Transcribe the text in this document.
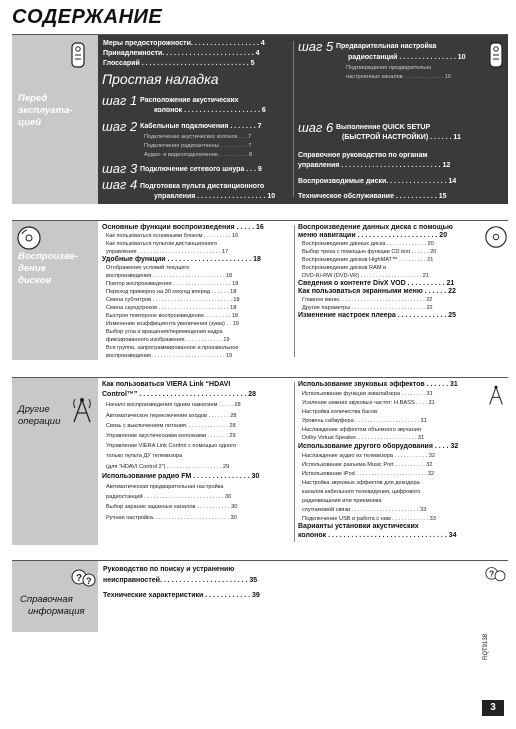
СОДЕРЖАНИЕ
Перед
эксплуата-
цией
Меры предосторожности. . . . . . . . . . . . . . . . . . 4
Принадлежности. . . . . . . . . . . . . . . . . . . . . . . . 4
Глоссарий . . . . . . . . . . . . . . . . . . . . . . . . . . . . 5
Простая наладка
шаг 1 Расположение акустических
колонок . . . . . . . . . . . . . . . . . . . . 6
шаг 2 Кабельные подключения . . . . . . . 7
Подключение акустических колонок . . . 7
Подключение радиоантенны . . . . . . . . . 7
Аудио- и видеоподключение. . . . . . . . . . 8
шаг 3 Подключение сетевого шнура . . . 9
шаг 4 Подготовка пульта дистанционного
управления . . . . . . . . . . . . . . . . . . 10
шаг 5 Предварительная настройка
радиостанций . . . . . . . . . . . . . . . 10
Подтверждение предварительно
настроенных каналов . . . . . . . . . . . . . 10
шаг 6 Выполнение QUICK SETUP
(БЫСТРОЙ НАСТРОЙКИ) . . . . . . 11
Справочное руководство по органам
управления . . . . . . . . . . . . . . . . . . . . . . . . . . 12
Воспроизводимые диски. . . . . . . . . . . . . . . . 14
Техническое обслуживание . . . . . . . . . . . 15
Воспроизве-
дение
дисков
Основные функции воспроизведения . . . . . 16
Как пользоваться основными блоком . . . . . . . . . 16
Как пользоваться пультом дистанционного
управления . . . . . . . . . . . . . . . . . . . . . . . . . . . 17
Удобные функции . . . . . . . . . . . . . . . . . . . . . . 18
Отображение условий текущего
воспроизведения. . . . . . . . . . . . . . . . . . . . . . . . 18
Повтор воспроизведения . . . . . . . . . . . . . . . . . . . 18
Переход примерно на 30 секунд вперед . . . . . . 18
Смена субтитров . . . . . . . . . . . . . . . . . . . . . . . . . . 18
Смена саундтреков . . . . . . . . . . . . . . . . . . . . . . . 18
Быстрое повторное воспроизведение. . . . . . . . . 18
Изменение коэффициента увеличения (зума) . . 19
Выбор угла и вращения/перемещения кадра
фиксированного изображения . . . . . . . . . . . . 19
Вся группа, запрограммированное и произвольное
воспроизведение. . . . . . . . . . . . . . . . . . . . . . . . 19
Воспроизведение данных диска с помощью
меню навигации . . . . . . . . . . . . . . . . . . . . . 20
Воспроизведение данных диска . . . . . . . . . . . . . 20
Выбор трека с помощью функции CD text . . . . . . 20
Воспроизведение дисков HighMAT™ . . . . . . . . . 21
Воспроизведение дисков RAM и
DVD-R/-RW (DVD-VR) . . . . . . . . . . . . . . . . . . . . 21
Сведения о контенте DivX VOD . . . . . . . . . . 21
Как пользоваться экранными меню . . . . . . 22
Главное меню. . . . . . . . . . . . . . . . . . . . . . . . . . . . 22
Другие параметры . . . . . . . . . . . . . . . . . . . . . . . . 22
Изменение настроек плеера . . . . . . . . . . . . . 25
Другие
операции
Как пользоваться VIERA Link “HDAVI
Control™” . . . . . . . . . . . . . . . . . . . . . . . . . . . . 28
Начало воспроизведения одним нажатием . . . . . 28
Автоматическое переключение входов . . . . . . . 28
Связь с выключением питания. . . . . . . . . . . . . . 28
Управление акустическими колонками . . . . . . . 29
Управление VIERA Link Control с помощью одного
только пульта ДУ телевизора
(для “HDAVI Control 2”) . . . . . . . . . . . . . . . . . . 29
Использование радио FM . . . . . . . . . . . . . . . 30
Автоматическая предварительная настройка
радиостанций . . . . . . . . . . . . . . . . . . . . . . . . . . 30
Выбор зарание заданных каналов . . . . . . . . . . . 30
Ручная настройка. . . . . . . . . . . . . . . . . . . . . . . . . 30
Использование звуковых эффектов . . . . . . 31
Использование функции эквалайзера . . . . . . . . 31
Усиление нижних звуковых частот: H.BASS . . . . 31
Настройка количества басов:
Уровень сабвуфера . . . . . . . . . . . . . . . . . . . . . 31
Наслаждение эффектом объемного звучания
Dolby Virtual Speaker. . . . . . . . . . . . . . . . . . . . 31
Использование другого оборудования . . . . 32
Наслаждение аудио из телевизора . . . . . . . . . . . 32
Использование разъема Music Port . . . . . . . . . . 32
Использование iPod . . . . . . . . . . . . . . . . . . . . . . . 32
Настройка звуковых эффектов для декодера
каналов кабельного телевидения, цифрового
радиовещания или приемника
спутниковой связи . . . . . . . . . . . . . . . . . . . . . . 33
Подключение USB и работа с ним . . . . . . . . . . . . 33
Варианты установки акустических
колонок . . . . . . . . . . . . . . . . . . . . . . . . . . . . . . . 34
? ?
Справочная
информация
Руководство по поиску и устранению
неисправностей. . . . . . . . . . . . . . . . . . . . . . . 35
Технические характеристики . . . . . . . . . . . . 39
?
RQT9138
3
